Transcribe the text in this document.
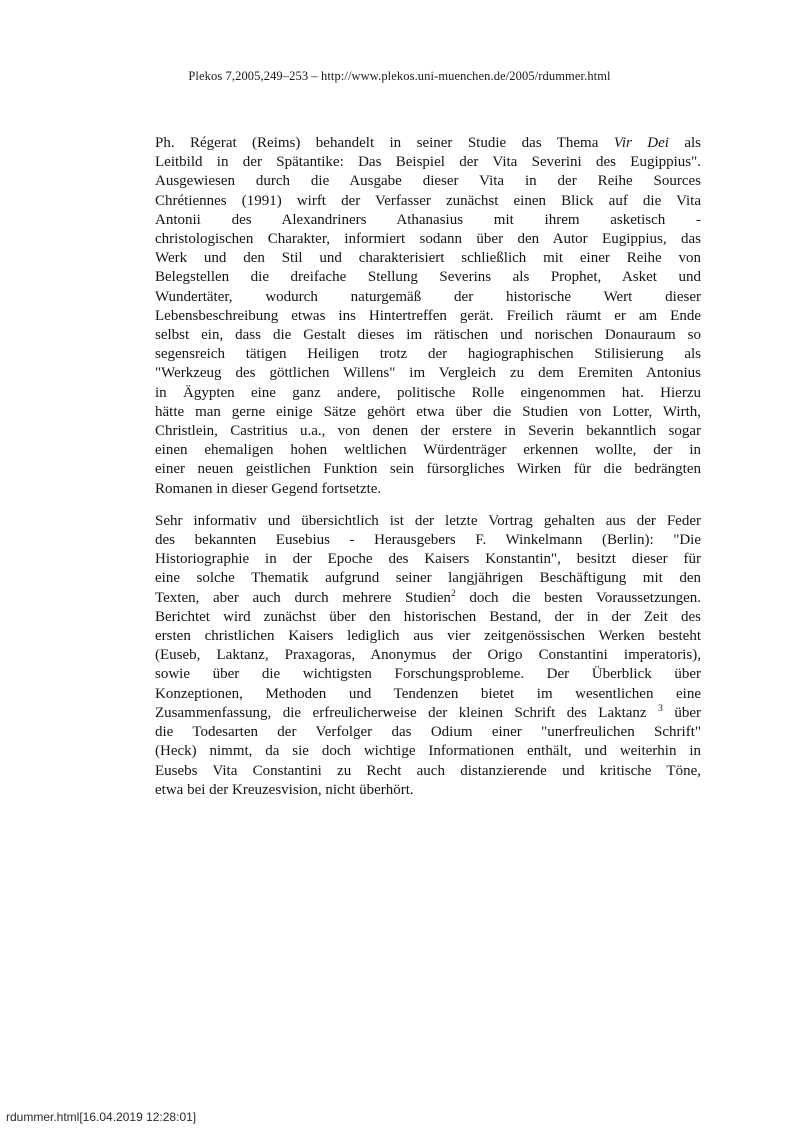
Plekos 7,2005,249–253 – http://www.plekos.uni-muenchen.de/2005/rdummer.html
Ph. Régerat (Reims) behandelt in seiner Studie das Thema Vir Dei als
Leitbild in der Spätantike: Das Beispiel der Vita Severini des Eugippius".
Ausgewiesen durch die Ausgabe dieser Vita in der Reihe Sources
Chrétiennes (1991) wirft der Verfasser zunächst einen Blick auf die Vita
Antonii des Alexandriners Athanasius mit ihrem asketisch -
christologischen Charakter, informiert sodann über den Autor Eugippius, das
Werk und den Stil und charakterisiert schließlich mit einer Reihe von
Belegstellen die dreifache Stellung Severins als Prophet, Asket und
Wundertäter, wodurch naturgemäß der historische Wert dieser
Lebensbeschreibung etwas ins Hintertreffen gerät. Freilich räumt er am Ende
selbst ein, dass die Gestalt dieses im rätischen und norischen Donauraum so
segensreich tätigen Heiligen trotz der hagiographischen Stilisierung als
"Werkzeug des göttlichen Willens" im Vergleich zu dem Eremiten Antonius
in Ägypten eine ganz andere, politische Rolle eingenommen hat. Hierzu
hätte man gerne einige Sätze gehört etwa über die Studien von Lotter, Wirth,
Christlein, Castritius u.a., von denen der erstere in Severin bekanntlich sogar
einen ehemaligen hohen weltlichen Würdenträger erkennen wollte, der in
einer neuen geistlichen Funktion sein fürsorgliches Wirken für die bedrängten
Romanen in dieser Gegend fortsetzte.
Sehr informativ und übersichtlich ist der letzte Vortrag gehalten aus der Feder
des bekannten Eusebius - Herausgebers F. Winkelmann (Berlin): "Die
Historiographie in der Epoche des Kaisers Konstantin", besitzt dieser für
eine solche Thematik aufgrund seiner langjährigen Beschäftigung mit den
Texten, aber auch durch mehrere Studien$^2$ doch die besten Voraussetzungen.
Berichtet wird zunächst über den historischen Bestand, der in der Zeit des
ersten christlichen Kaisers lediglich aus vier zeitgenössischen Werken besteht
(Euseb, Laktanz, Praxagoras, Anonymus der Origo Constantini imperatoris),
sowie über die wichtigsten Forschungsprobleme. Der Überblick über
Konzeptionen, Methoden und Tendenzen bietet im wesentlichen eine
Zusammenfassung, die erfreulicherweise der kleinen Schrift des Laktanz $^3$ über
die Todesarten der Verfolger das Odium einer "unerfreulichen Schrift"
(Heck) nimmt, da sie doch wichtige Informationen enthält, und weiterhin in
Eusebs Vita Constantini zu Recht auch distanzierende und kritische Töne,
etwa bei der Kreuzesvision, nicht überhört.
rdummer.html[16.04.2019 12:28:01]
